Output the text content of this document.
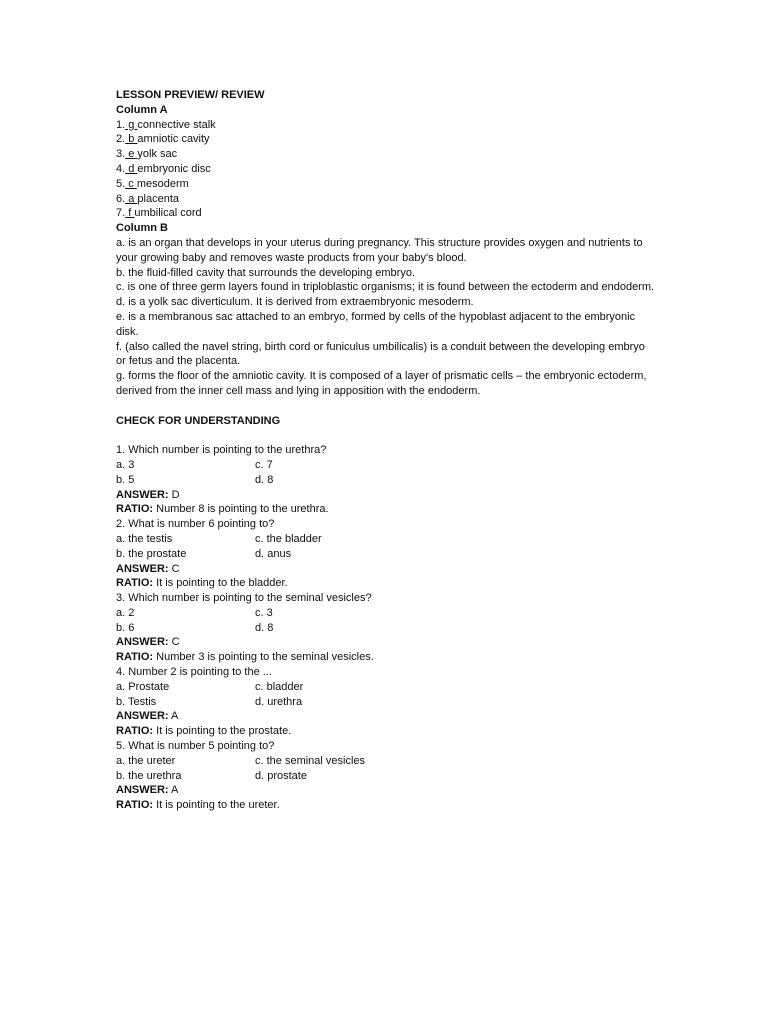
LESSON PREVIEW/ REVIEW
Column A
1. g connective stalk
2. b amniotic cavity
3. e yolk sac
4. d embryonic disc
5. c mesoderm
6. a placenta
7. f umbilical cord
Column B
a. is an organ that develops in your uterus during pregnancy. This structure provides oxygen and nutrients to your growing baby and removes waste products from your baby's blood.
b. the fluid-filled cavity that surrounds the developing embryo.
c. is one of three germ layers found in triploblastic organisms; it is found between the ectoderm and endoderm.
d. is a yolk sac diverticulum. It is derived from extraembryonic mesoderm.
e. is a membranous sac attached to an embryo, formed by cells of the hypoblast adjacent to the embryonic disk.
f. (also called the navel string, birth cord or funiculus umbilicalis) is a conduit between the developing embryo or fetus and the placenta.
g. forms the floor of the amniotic cavity. It is composed of a layer of prismatic cells – the embryonic ectoderm, derived from the inner cell mass and lying in apposition with the endoderm.
CHECK FOR UNDERSTANDING
1. Which number is pointing to the urethra?
a. 3	c. 7
b. 5	d. 8
ANSWER: D
RATIO: Number 8 is pointing to the urethra.
2. What is number 6 pointing to?
a. the testis	c. the bladder
b. the prostate	d. anus
ANSWER: C
RATIO: It is pointing to the bladder.
3. Which number is pointing to the seminal vesicles?
a. 2	c. 3
b. 6	d. 8
ANSWER: C
RATIO: Number 3 is pointing to the seminal vesicles.
4. Number 2 is pointing to the ...
a. Prostate	c. bladder
b. Testis	d. urethra
ANSWER: A
RATIO: It is pointing to the prostate.
5. What is number 5 pointing to?
a. the ureter	c. the seminal vesicles
b. the urethra	d. prostate
ANSWER: A
RATIO: It is pointing to the ureter.
